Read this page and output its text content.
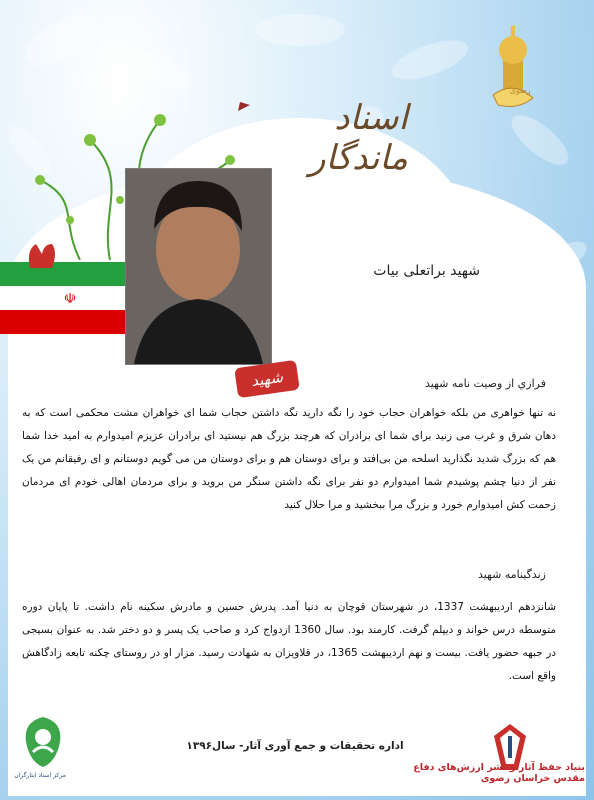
☫
اسناد ماندگار
شهید براتعلی بیات
شهید	فرازي از وصيت نامه شهيد
نه تنها خواهری من بلکه خواهران حجاب خود را نگه دارید نگه داشتن حجاب شما ای خواهران مشت محکمی است که به دهان شرق و غرب می زنید برای شما ای برادران که هرچند بزرگ هم نیستید ای برادران عزیزم امیدوارم به امید خدا شما هم که بزرگ شدید نگذارید اسلحه من بی‌افتد و برای دوستان هم و برای دوستان من می گویم دوستانم و ای رفیقانم من یک نفر از دنیا چشم پوشیدم شما امیدوارم دو نفر برای نگه داشتن سنگر من بروید و برای مردمان اهالی خودم ای مردمان زحمت کش امیدوارم خورد و بزرگ مرا ببخشید و مرا حلال کنید
زندگينامه شهيد
شانزدهم اردیبهشت 1337، در شهرستان قوچان به دنیا آمد. پدرش حسین و مادرش سکینه نام داشت. تا پایان دوره متوسطه درس خواند و دیپلم گرفت. کارمند بود. سال 1360 ازدواج کرد و صاحب یک پسر و دو دختر شد. به عنوان بسیجی در جبهه حضور یافت. بیست و نهم اردیبهشت 1365، در قلاویزان به شهادت رسید. مزار او در روستای چکنه تابعه زادگاهش واقع است.
اداره تحقیقات و جمع آوری آثار- سال۱۳۹۶
مرکز اسناد ایثارگران
بنیاد حفظ آثار و نشر ارزش‌های دفاع مقدس خراسان رضوی
رضوی
